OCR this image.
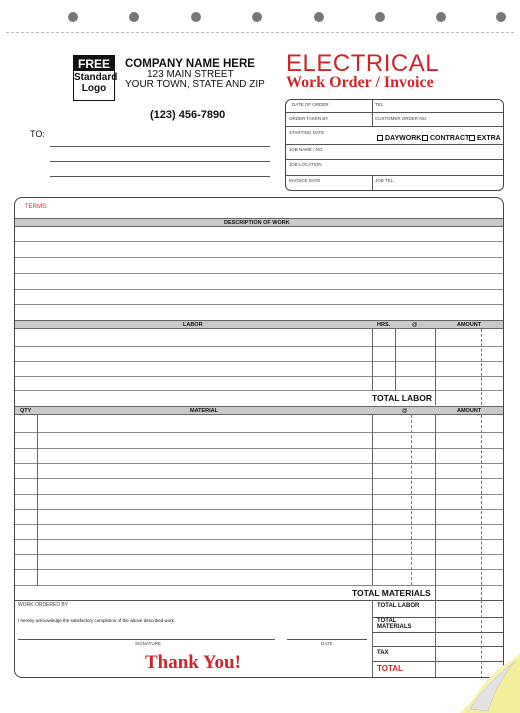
FREE
Standard
Logo
COMPANY NAME HERE
123 MAIN STREET
YOUR TOWN, STATE AND ZIP
(123) 456-7890
ELECTRICAL
Work Order / Invoice
TO:
DATE OF ORDER	TEL.
ORDER TAKEN BY	CUSTOMER ORDER NO.
STARTING DATE
DAYWORK	CONTRACT	EXTRA
JOB NAME / NO.
JOB LOCATION
INVOICE DATE	JOB TEL.
TERMS:
DESCRIPTION OF WORK
LABOR	HRS.	@	AMOUNT
TOTAL LABOR
QTY	MATERIAL	@	AMOUNT
TOTAL MATERIALS
WORK ORDERED BY
I hereby acknowledge the satisfactory completion of the above described work.
SIGNATURE	DATE
Thank You!
TOTAL LABOR
TOTAL MATERIALS
TAX
TOTAL
